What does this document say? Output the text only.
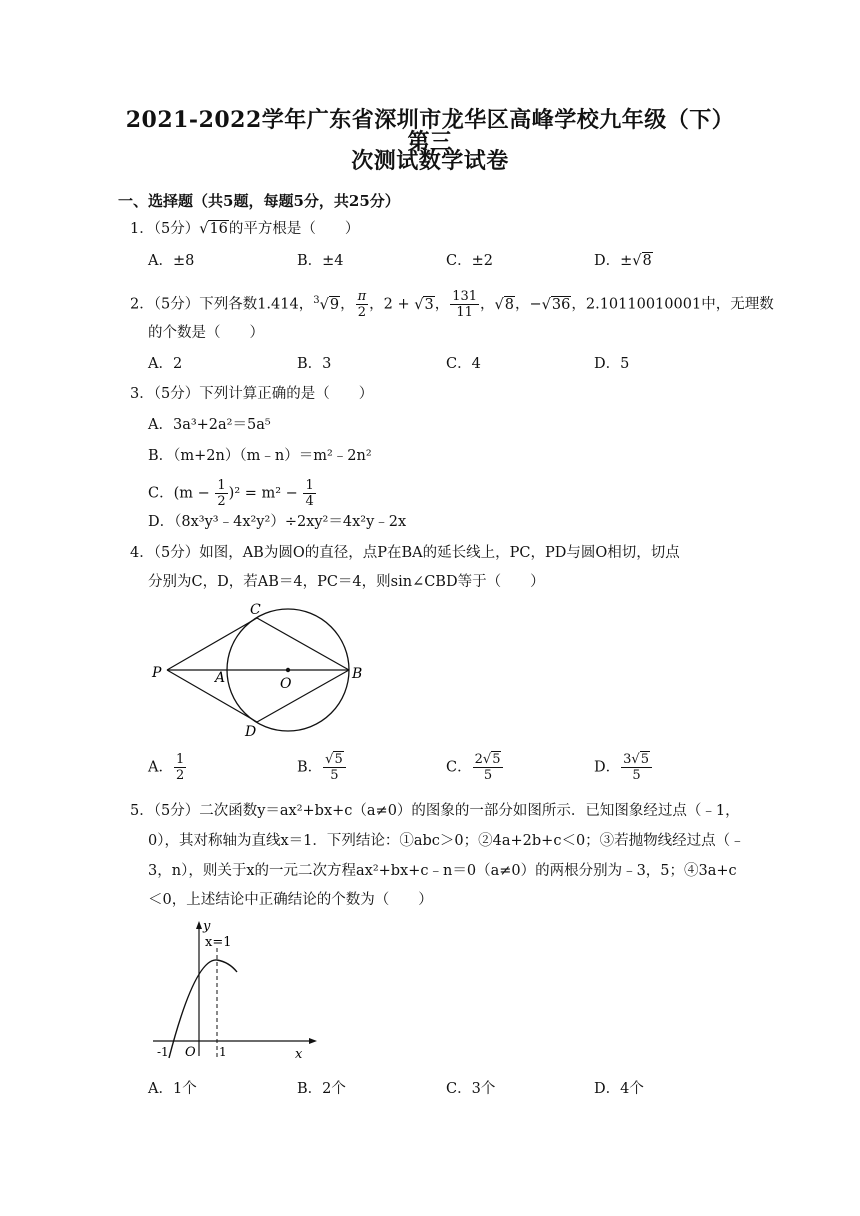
2021-2022学年广东省深圳市龙华区高峰学校九年级（下）第三
次测试数学试卷
一、选择题（共5题，每题5分，共25分）
1．（5分）√16的平方根是（　　）
A．±8	B．±4	C．±2	D．±√8
2．（5分）下列各数1.414，$^3$√9， $\frac{\pi}{2}$ ，2 + √3， $\frac{131}{11}$ ，√8，−√36，2.10110010001中，无理数
的个数是（　　）
A．2	B．3	C．4	D．5
3．（5分）下列计算正确的是（　　）
A．3a³+2a²＝5a⁵
B．（m+2n）（m﹣n）＝m²﹣2n²
C．$(m - \frac{1}{2} )^2 = m^2 - \frac{1}{4}$
D．（8x³y³﹣4x²y²）÷2xy²＝4x²y﹣2x
4．（5分）如图，AB为圆O的直径，点P在BA的延长线上，PC，PD与圆O相切，切点
分别为C，D，若AB＝4，PC＝4，则sin∠CBD等于（　　）
C
P	A	O
B
D
A． $\frac{1}{2}$	B． $\frac{√5}{5}$	C． $\frac{2√5}{5}$	D． $\frac{3√5}{5}$
5．（5分）二次函数y＝ax²+bx+c（a≠0）的图象的一部分如图所示．已知图象经过点（﹣1，
0），其对称轴为直线x＝1．下列结论：①abc＞0；②4a+2b+c＜0；③若抛物线经过点（﹣
3，n），则关于x的一元二次方程ax²+bx+c﹣n＝0（a≠0）的两根分别为﹣3，5；④3a+c
＜0，上述结论中正确结论的个数为（　　）
y
x=1
-1 O 1	x
A．1个	B．2个	C．3个	D．4个
